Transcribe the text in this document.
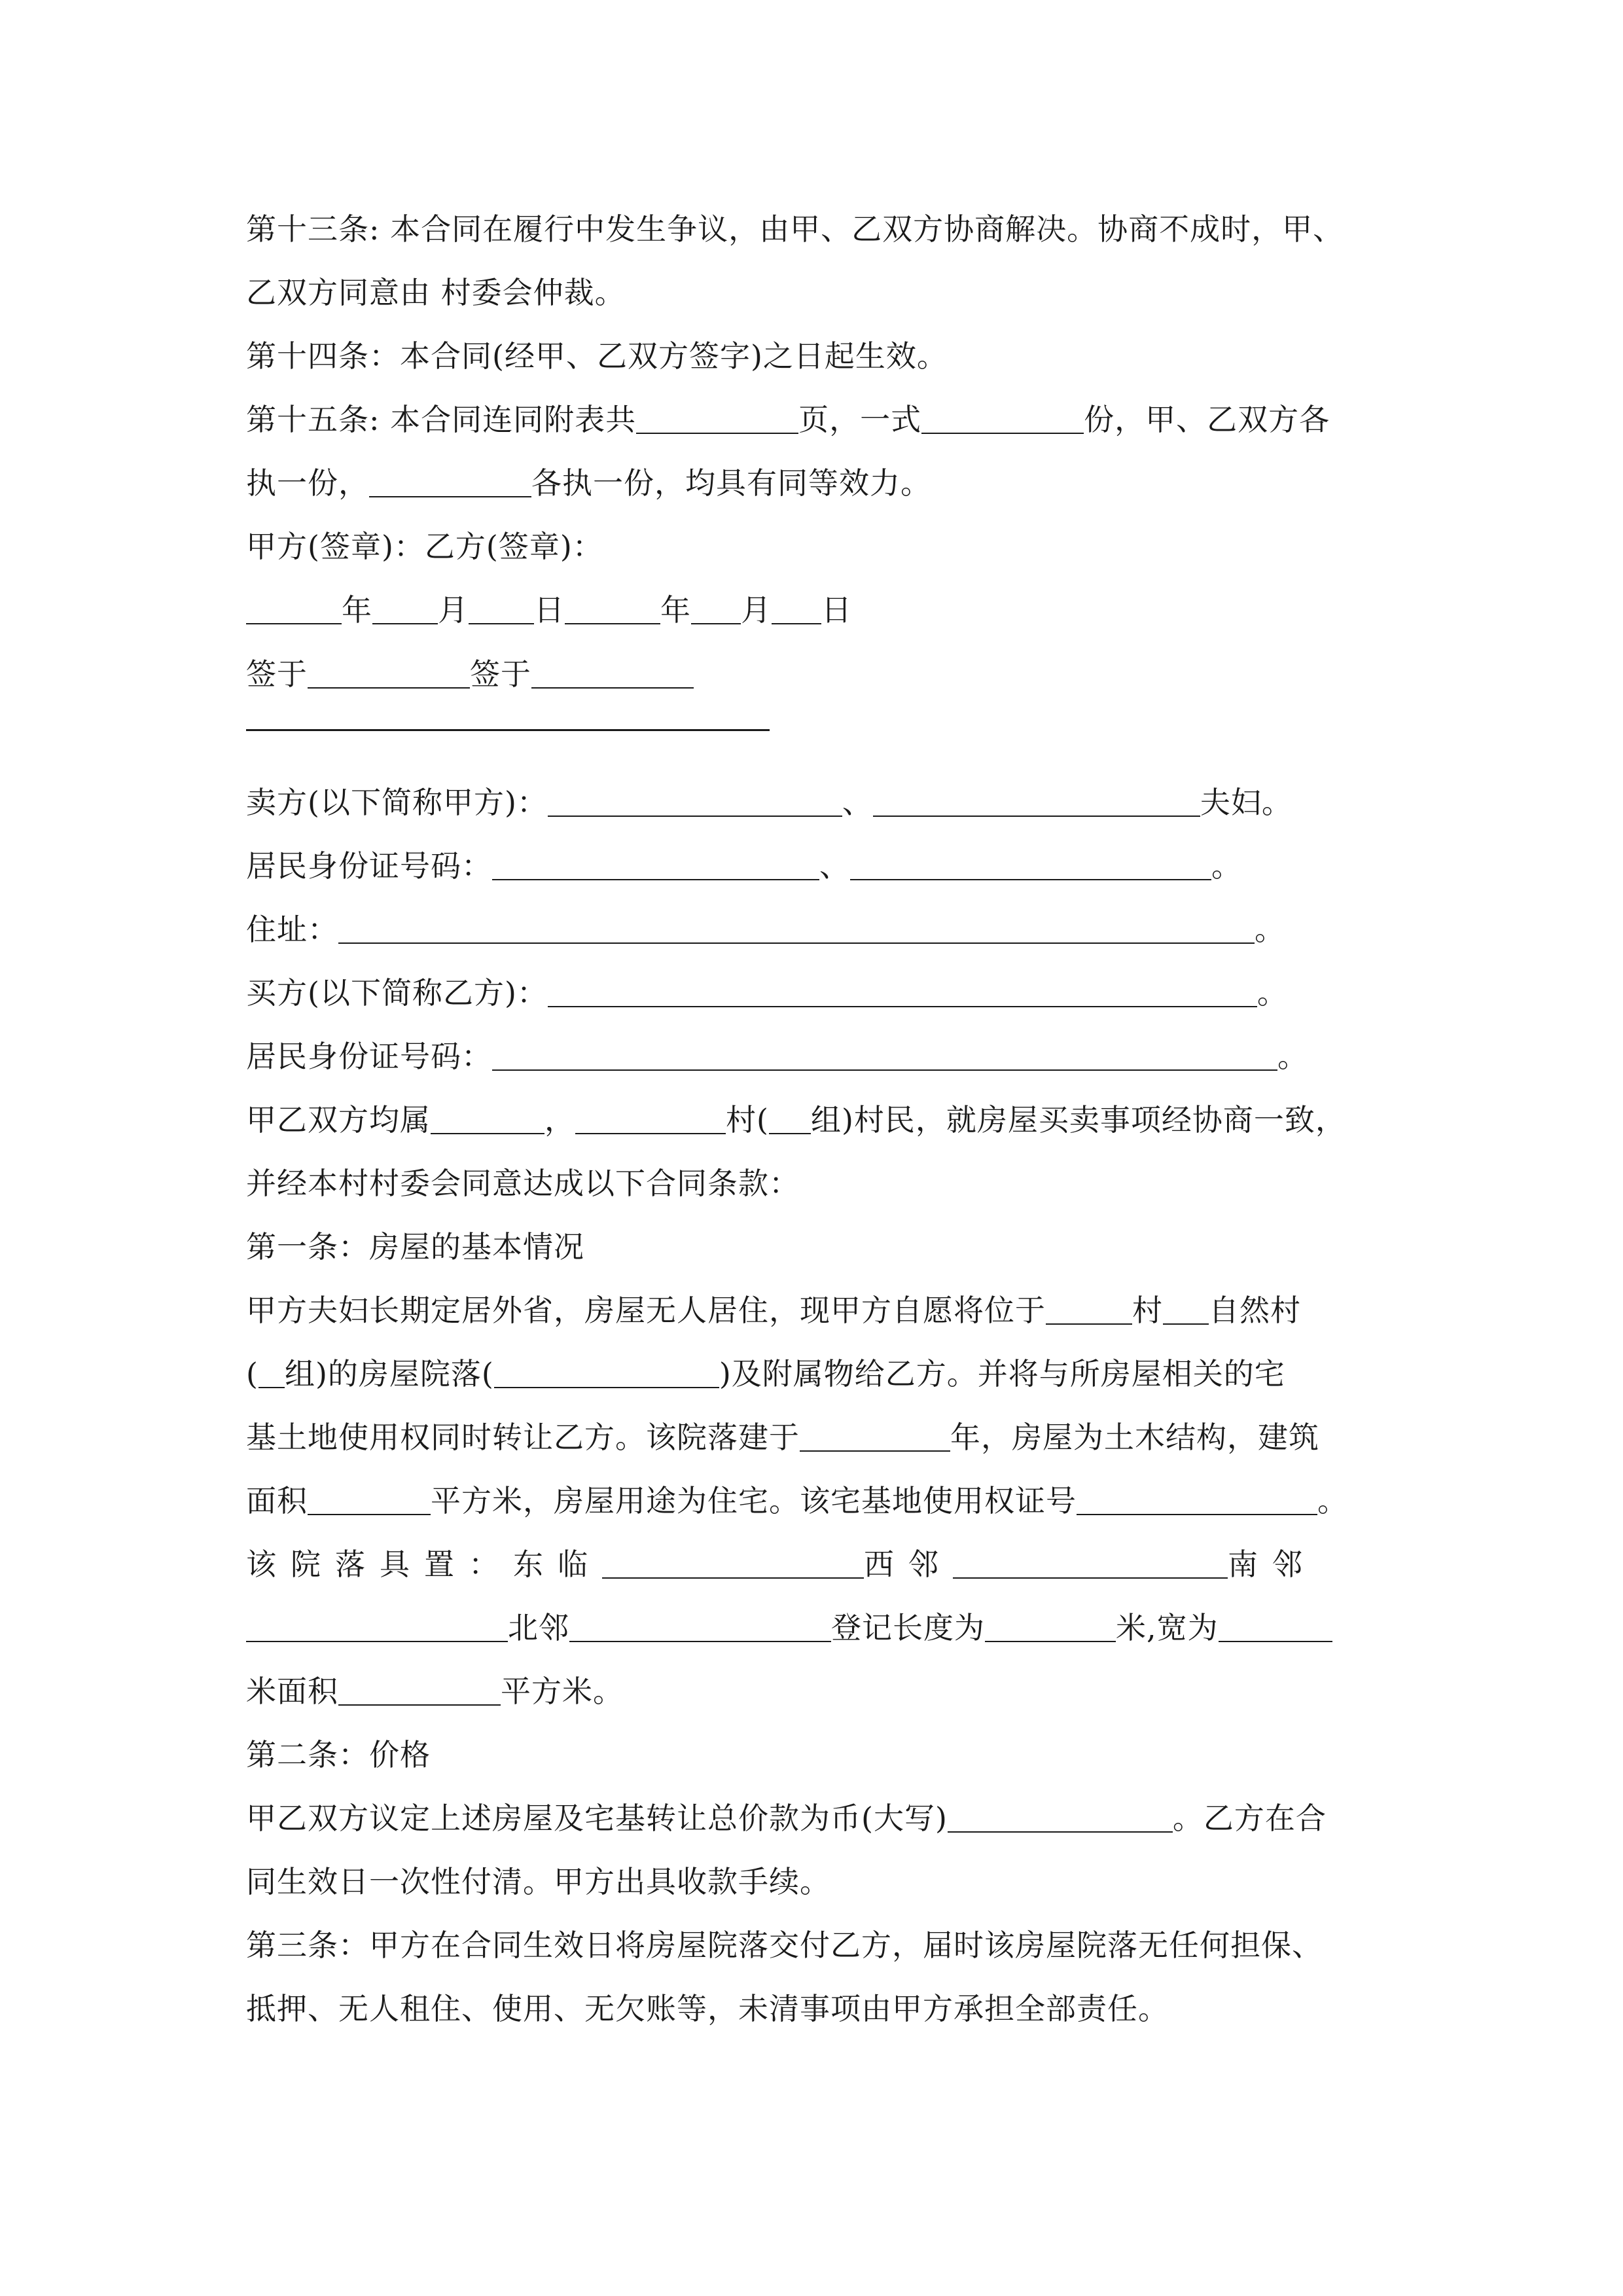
第十三条: 本合同在履行中发生争议，由甲、乙双方协商解决。协商不成时，甲、
乙双方同意由 村委会仲裁。
第十四条：本合同(经甲、乙双方签字)之日起生效。
第十五条: 本合同连同附表共	页，一式	份，甲、乙双方各
执一份，	各执一份，均具有同等效力。
甲方(签章)：乙方(签章)：
年 月 日	年 月 日
签于	签于
卖方(以下简称甲方)：	、	夫妇。
居民身份证号码：	、	。
住址：	。
买方(以下简称乙方)：	。
居民身份证号码：	。
甲乙双方均属	，	村( 组)村民，就房屋买卖事项经协商一致，
并经本村村委会同意达成以下合同条款：
第一条：房屋的基本情况
甲方夫妇长期定居外省，房屋无人居住，现甲方自愿将位于	村 自然村
( 组)的房屋院落(	)及附属物给乙方。并将与所房屋相关的宅
基土地使用权同时转让乙方。该院落建于	年，房屋为土木结构，建筑
面积	平方米，房屋用途为住宅。该宅基地使用权证号	。
该院落具置：东临	西邻	南邻
北邻	登记长度为	米,宽为
米面积	平方米。
第二条：价格
甲乙双方议定上述房屋及宅基转让总价款为币(大写)	。乙方在合
同生效日一次性付清。甲方出具收款手续。
第三条：甲方在合同生效日将房屋院落交付乙方，届时该房屋院落无任何担保、
抵押、无人租住、使用、无欠账等，未清事项由甲方承担全部责任。
